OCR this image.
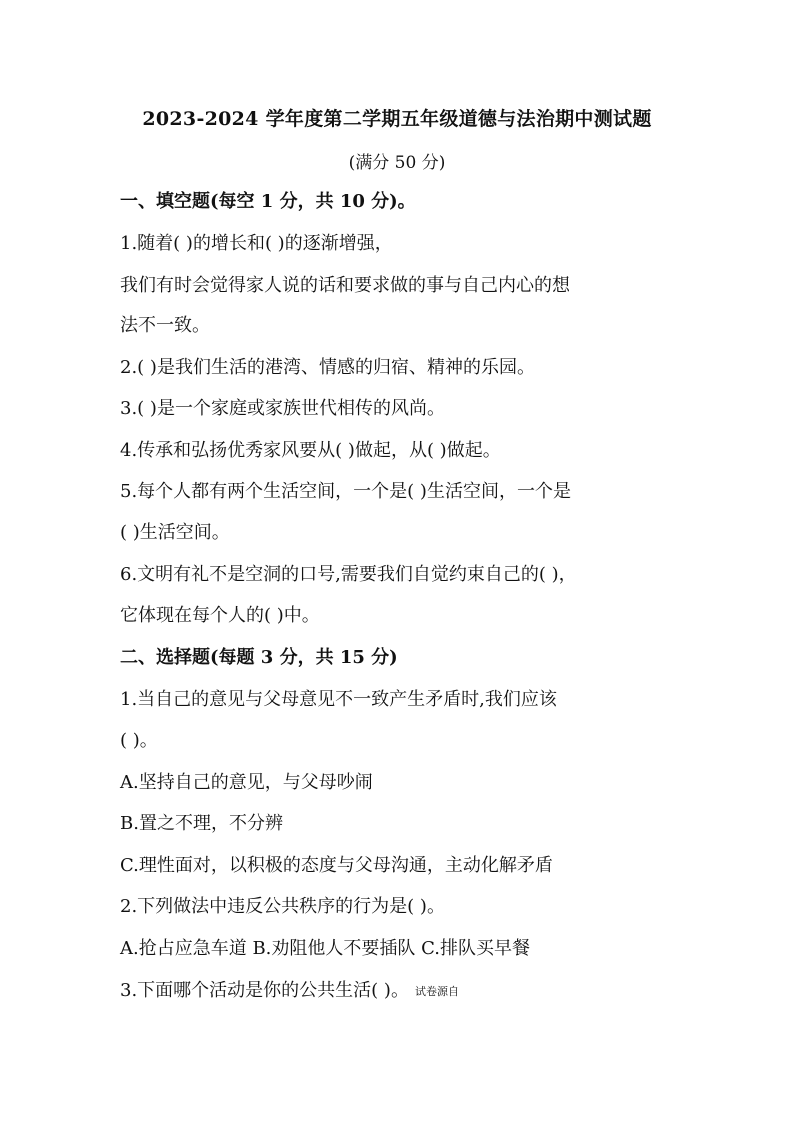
2023-2024 学年度第二学期五年级道德与法治期中测试题
(满分 50 分)
一、填空题(每空 1 分，共 10 分)。
1.随着( )的增长和( )的逐渐增强，
我们有时会觉得家人说的话和要求做的事与自己内心的想
法不一致。
2.( )是我们生活的港湾、情感的归宿、精神的乐园。
3.( )是一个家庭或家族世代相传的风尚。
4.传承和弘扬优秀家风要从( )做起，从( )做起。
5.每个人都有两个生活空间，一个是( )生活空间，一个是
( )生活空间。
6.文明有礼不是空洞的口号,需要我们自觉约束自己的( )，
它体现在每个人的( )中。
二、选择题(每题 3 分，共 15 分)
1.当自己的意见与父母意见不一致产生矛盾时,我们应该
( )。
A.坚持自己的意见，与父母吵闹
B.置之不理，不分辨
C.理性面对，以积极的态度与父母沟通，主动化解矛盾
2.下列做法中违反公共秩序的行为是( )。
A.抢占应急车道 B.劝阻他人不要插队 C.排队买早餐
3.下面哪个活动是你的公共生活( )。 试卷源自
